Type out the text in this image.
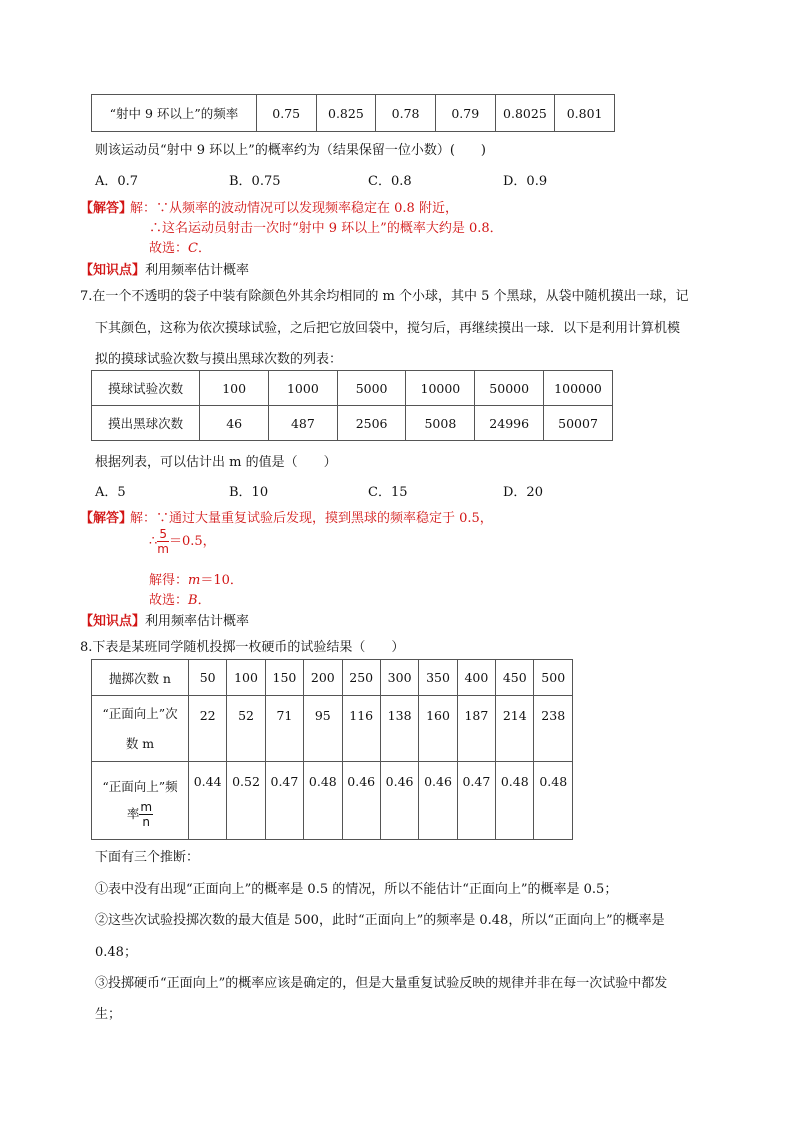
“射中 9 环以上”的频率	0.75	0.825	0.78	0.79	0.8025	0.801
则该运动员“射中 9 环以上”的概率约为（结果保留一位小数）(　　)
A．0.7	B．0.75	C．0.8	D．0.9
【解答】
解：∵从频率的波动情况可以发现频率稳定在 0.8 附近，
∴这名运动员射击一次时“射中 9 环以上”的概率大约是 0.8．
故选：C．
【知识点】利用频率估计概率
7.在一个不透明的袋子中装有除颜色外其余均相同的 m 个小球，其中 5 个黑球，从袋中随机摸出一球，记
下其颜色，这称为依次摸球试验，之后把它放回袋中，搅匀后，再继续摸出一球．以下是利用计算机模
拟的摸球试验次数与摸出黑球次数的列表：
摸球试验次数	100	1000	5000	10000	50000	100000
摸出黑球次数	46	487	2506	5008	24996	50007
根据列表，可以估计出 m 的值是（　　）
A．5	B．10	C．15	D．20
【解答】
解：∵通过大量重复试验后发现，摸到黑球的频率稳定于 0.5，
∴ $\frac{5}{m} =0.5$，
解得：m＝10．
故选：B．
【知识点】利用频率估计概率
8.下表是某班同学随机投掷一枚硬币的试验结果（　　）
抛掷次数 n	50	100	150	200	250	300	350	400	450	500

“正面向上”次
数 m	22	52	71	95	116	138	160	187	214	238

“正面向上”频
率 $\frac{m}{n}$	0.44	0.52	0.47	0.48	0.46	0.46	0.46	0.47	0.48	0.48
下面有三个推断：
①表中没有出现“正面向上”的概率是 0.5 的情况，所以不能估计“正面向上”的概率是 0.5；
②这些次试验投掷次数的最大值是 500，此时“正面向上”的频率是 0.48，所以“正面向上”的概率是
0.48；
③投掷硬币“正面向上”的概率应该是确定的，但是大量重复试验反映的规律并非在每一次试验中都发
生；
